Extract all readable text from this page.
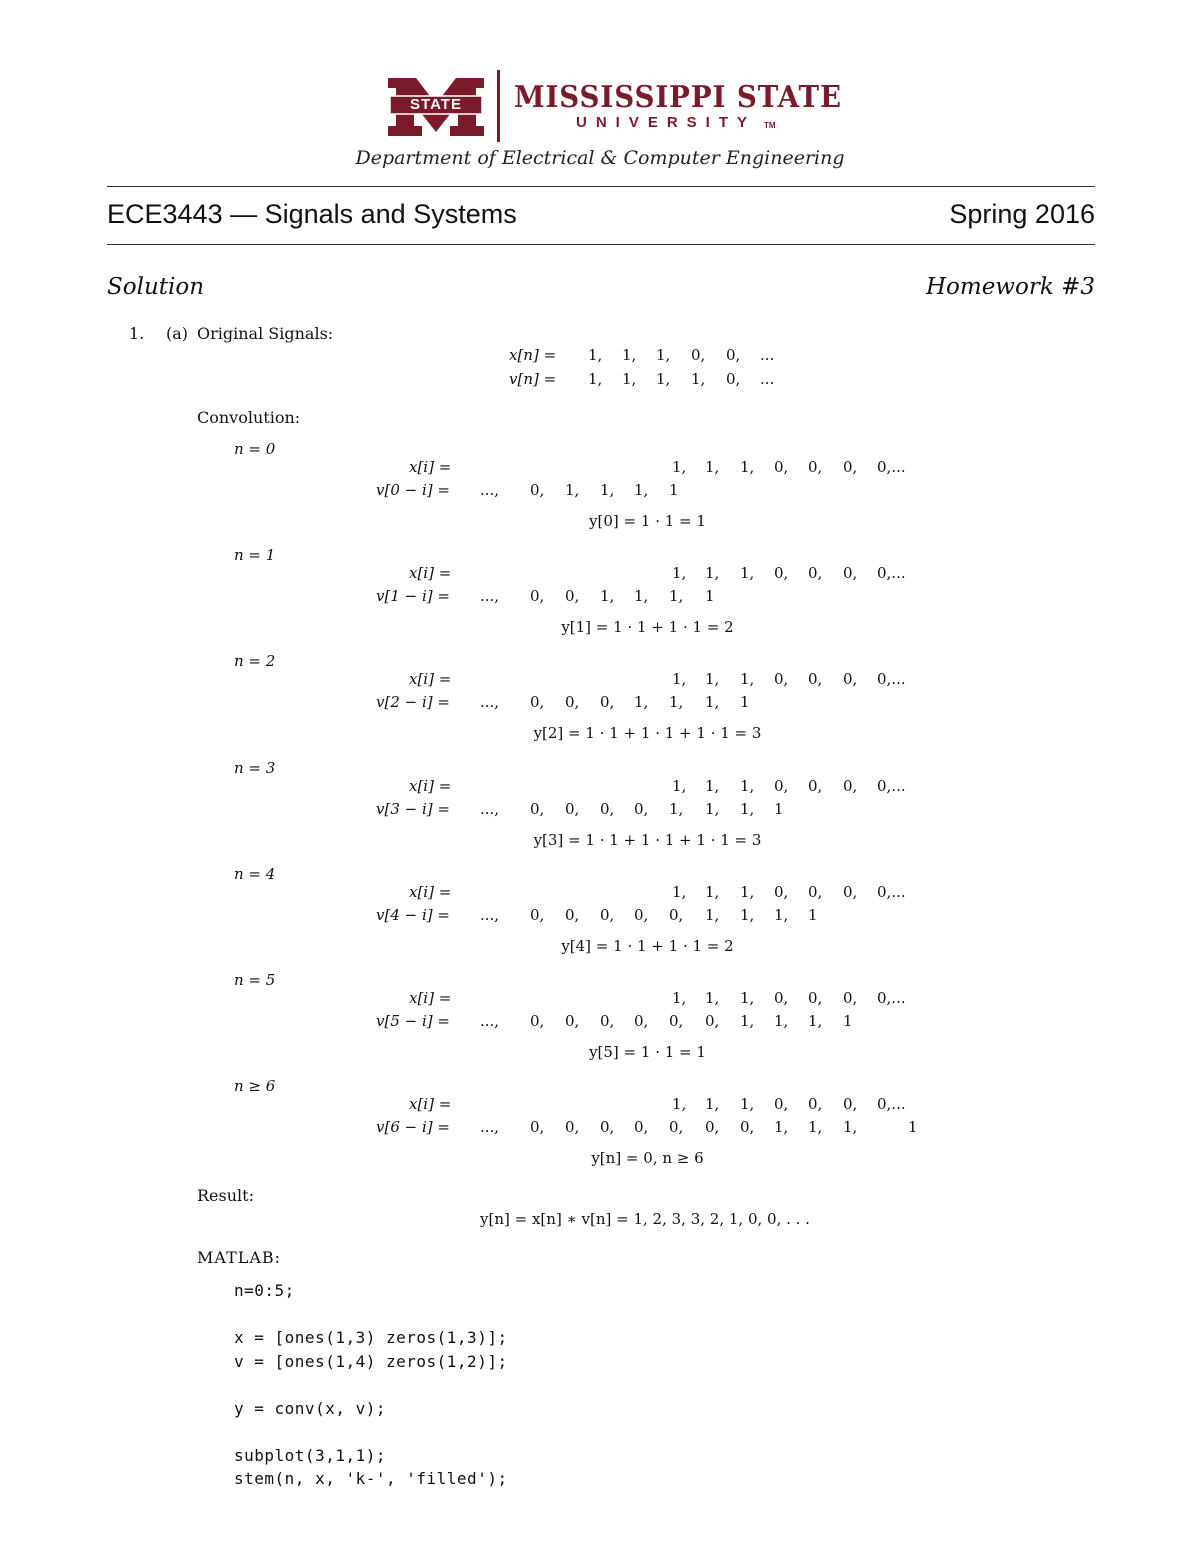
STATE	MISSISSIPPI STATE
UNIVERSITY TM
Department of Electrical & Computer Engineering
ECE3443 — Signals and Systems	Spring 2016
Solution	Homework #3
1. (a) Original Signals:
x[n] = 1, 1, 1, 0, 0, ...
v[n] = 1, 1, 1, 1, 0, ...
Convolution:
n = 0
x[i] =	1, 1, 1, 0, 0, 0, 0,...
v[0 − i] = ..., 0, 1, 1, 1, 1
y[0] = 1 · 1 = 1
n = 1
x[i] =	1, 1, 1, 0, 0, 0, 0,...
v[1 − i] = ..., 0, 0, 1, 1, 1, 1
y[1] = 1 · 1 + 1 · 1 = 2
n = 2
x[i] =	1, 1, 1, 0, 0, 0, 0,...
v[2 − i] = ..., 0, 0, 0, 1, 1, 1, 1
y[2] = 1 · 1 + 1 · 1 + 1 · 1 = 3
n = 3
x[i] =	1, 1, 1, 0, 0, 0, 0,...
v[3 − i] = ..., 0, 0, 0, 0, 1, 1, 1, 1
y[3] = 1 · 1 + 1 · 1 + 1 · 1 = 3
n = 4
x[i] =	1, 1, 1, 0, 0, 0, 0,...
v[4 − i] = ..., 0, 0, 0, 0, 0, 1, 1, 1, 1
y[4] = 1 · 1 + 1 · 1 = 2
n = 5
x[i] =	1, 1, 1, 0, 0, 0, 0,...
v[5 − i] = ..., 0, 0, 0, 0, 0, 0, 1, 1, 1, 1
y[5] = 1 · 1 = 1
n ≥ 6
x[i] =	1, 1, 1, 0, 0, 0, 0,...
v[6 − i] = ..., 0, 0, 0, 0, 0, 0, 0, 1, 1, 1,	1
y[n] = 0, n ≥ 6
Result:
y[n] = x[n] ∗ v[n] = 1, 2, 3, 3, 2, 1, 0, 0, . . .
MATLAB:
n=0:5;
x = [ones(1,3) zeros(1,3)];
v = [ones(1,4) zeros(1,2)];
y = conv(x, v);
subplot(3,1,1);
stem(n, x, 'k-', 'filled');
